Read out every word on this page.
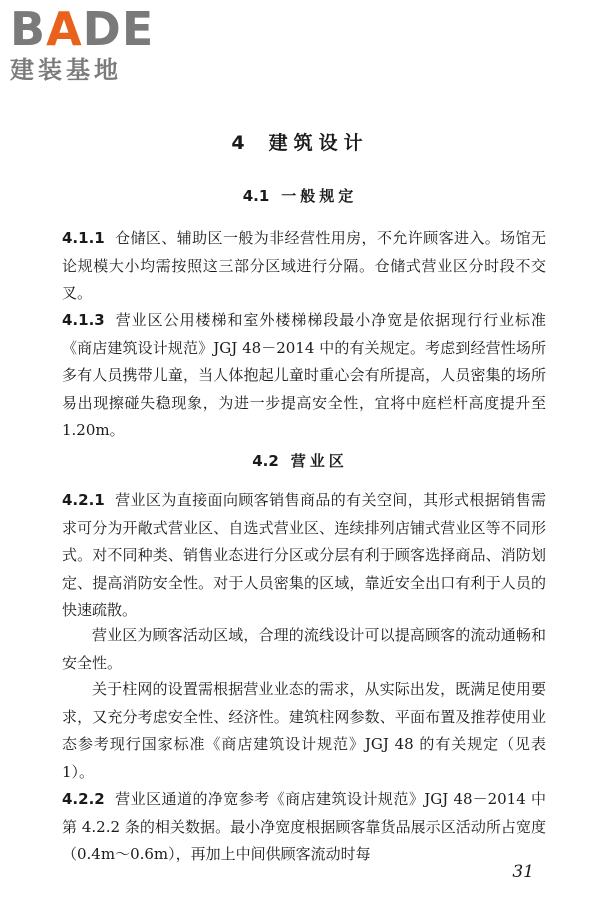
BADE
建装基地
4 建筑设计
4.1 一般规定
4.1.1 仓储区、辅助区一般为非经营性用房，不允许顾客进入。场馆无论规模大小均需按照这三部分区域进行分隔。仓储式营业区分时段不交叉。
4.1.3 营业区公用楼梯和室外楼梯梯段最小净宽是依据现行行业标准《商店建筑设计规范》JGJ 48－2014 中的有关规定。考虑到经营性场所多有人员携带儿童，当人体抱起儿童时重心会有所提高，人员密集的场所易出现擦碰失稳现象，为进一步提高安全性，宜将中庭栏杆高度提升至 1.20m。
4.2 营业区
4.2.1 营业区为直接面向顾客销售商品的有关空间，其形式根据销售需求可分为开敞式营业区、自选式营业区、连续排列店铺式营业区等不同形式。对不同种类、销售业态进行分区或分层有利于顾客选择商品、消防划定、提高消防安全性。对于人员密集的区域，靠近安全出口有利于人员的快速疏散。
营业区为顾客活动区域，合理的流线设计可以提高顾客的流动通畅和安全性。
关于柱网的设置需根据营业业态的需求，从实际出发，既满足使用要求，又充分考虑安全性、经济性。建筑柱网参数、平面布置及推荐使用业态参考现行国家标准《商店建筑设计规范》JGJ 48 的有关规定（见表 1）。
4.2.2 营业区通道的净宽参考《商店建筑设计规范》JGJ 48－2014 中第 4.2.2 条的相关数据。最小净宽度根据顾客靠货品展示区活动所占宽度（0.4m～0.6m），再加上中间供顾客流动时每
31
